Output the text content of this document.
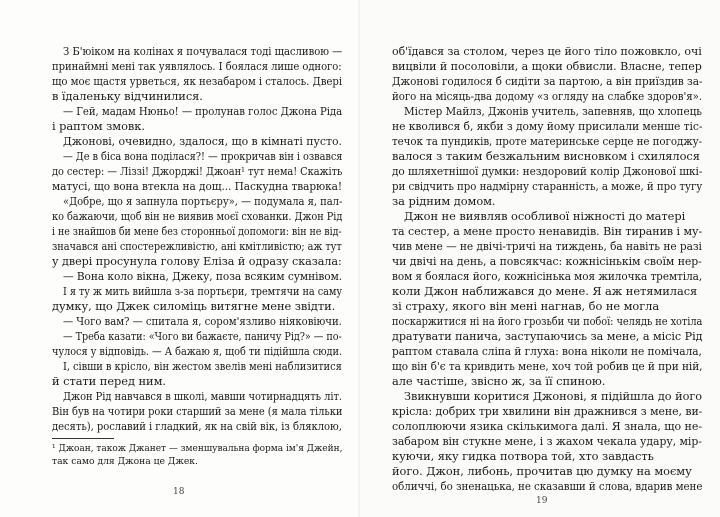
З Б'юіком на колінах я почувалася тоді щасливою —
принаймні мені так уявлялось. І боялася лише одного:
що моє щастя урветься, як незабаром і сталось. Двері
в їдаленьку відчинилися.
— Гей, мадам Нюньо! — пролунав голос Джона Ріда
і раптом змовк.
Джонові, очевидно, здалося, що в кімнаті пусто.
— Де в біса вона поділася?! — прокричав він і озвався
до сестер: — Ліззі! Джорджі! Джоан¹ тут нема! Скажіть
матусі, що вона втекла на дощ... Паскудна тварюка!
«Добре, що я запнула портьєру», — подумала я, пал-
ко бажаючи, щоб він не виявив моєї схованки. Джон Рід
і не знайшов би мене без сторонньої допомоги: він не від-
значався ані спостережливістю, ані кмітливістю; аж тут
у двері просунула голову Еліза й одразу сказала:
— Вона коло вікна, Джеку, поза всяким сумнівом.
І я ту ж мить вийшла з-за портьєри, тремтячи на саму
думку, що Джек силоміць витягне мене звідти.
— Чого вам? — спитала я, сором'язливо ніяковіючи.
— Треба казати: «Чого ви бажаєте, паничу Рід?» — по-
чулося у відповідь. — А бажаю я, щоб ти підійшла сюди.
І, сівши в крісло, він жестом звелів мені наблизитися
й стати перед ним.
Джон Рід навчався в школі, мавши чотирнадцять літ.
Він був на чотири роки старший за мене (я мала тільки
десять), рославий і гладкий, як на свій вік, із бляклою,
¹ Джоан, також Джанет — зменшувальна форма ім'я Джейн,
так само для Джона це Джек.
18
об'їдався за столом, через це його тіло пожовкло, очі
вицвіли й посоловіли, а щоки обвисли. Власне, тепер
Джонові годилося б сидіти за партою, а він приїздив за-
його на місяць-два додому «з огляду на слабке здоров'я».
Містер Майлз, Джонів учитель, запевняв, що хлопець
не кволився б, якби з дому йому присилали менше тіс-
течок та пундиків, проте материнське серце не погоджу-
валося з таким безжальним висновком і схилялося
до шляхетнішої думки: нездоровий колір Джонової шкі-
ри свідчить про надмірну старанність, а може, й про тугу
за рідним домом.
Джон не виявляв особливої ніжності до матері
та сестер, а мене просто ненавидів. Він тиранив і му-
чив мене — не двічі-тричі на тиждень, ба навіть не разі
чи двічі на день, а повсякчас: кожнісінькім своїм нер-
вом я боялася його, кожнісінька моя жилочка тремтіла,
коли Джон наближався до мене. Я аж нетямилася
зі страху, якого він мені нагнав, бо не могла
поскаржитися ні на його грозьби чи побої: челядь не хотіла
дратувати панича, заступаючись за мене, а місіс Рід
раптом ставала сліпа й глуха: вона ніколи не помічала,
що він б'є та кривдить мене, хоч той робив це й при ній,
але частіше, звісно ж, за її спиною.
Звикнувши коритися Джонові, я підійшла до його
крісла: добрих три хвилини він дражнився з мене, ви-
солоплюючи язика скількимога далі. Я знала, що не-
забаром він стукне мене, і з жахом чекала удару, мір-
куючи, яку гидка потвора той, хто завдасть
його. Джон, либонь, прочитав цю думку на моєму
обличчі, бо зненацька, не сказавши й слова, вдарив мене
19
